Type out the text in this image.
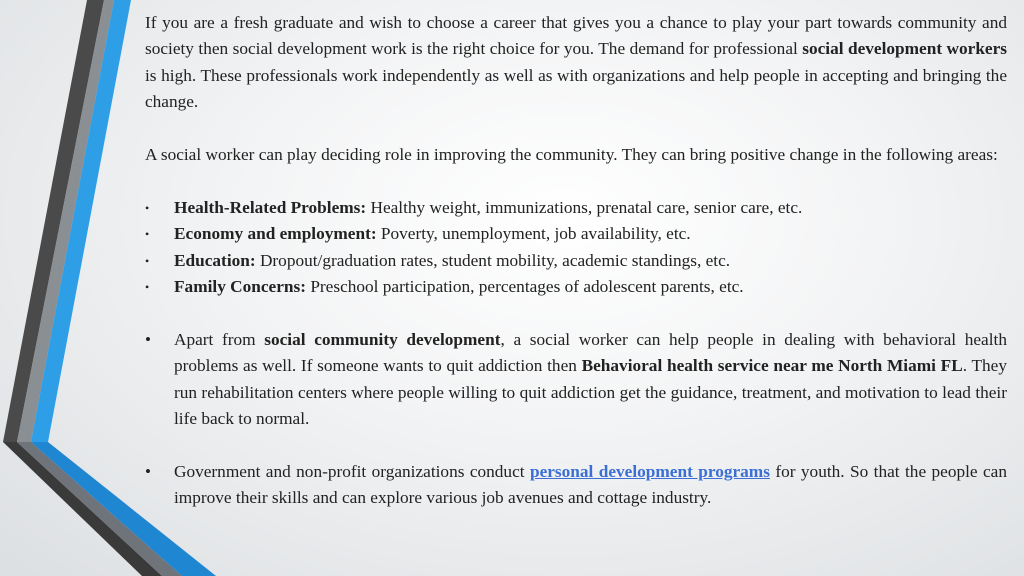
If you are a fresh graduate and wish to choose a career that gives you a chance to play your part towards community and society then social development work is the right choice for you. The demand for professional social development workers is high. These professionals work independently as well as with organizations and help people in accepting and bringing the change.

A social worker can play deciding role in improving the community. They can bring positive change in the following areas:

•	Health-Related Problems: Healthy weight, immunizations, prenatal care, senior care, etc.
•	Economy and employment: Poverty, unemployment, job availability, etc.
•	Education: Dropout/graduation rates, student mobility, academic standings, etc.
•	Family Concerns: Preschool participation, percentages of adolescent parents, etc.
•	Apart from social community development, a social worker can help people in dealing with behavioral health problems as well. If someone wants to quit addiction then Behavioral health service near me North Miami FL. They run rehabilitation centers where people willing to quit addiction get the guidance, treatment, and motivation to lead their life back to normal.
•	Government and non-profit organizations conduct personal development programs for youth. So that the people can improve their skills and can explore various job avenues and cottage industry.
